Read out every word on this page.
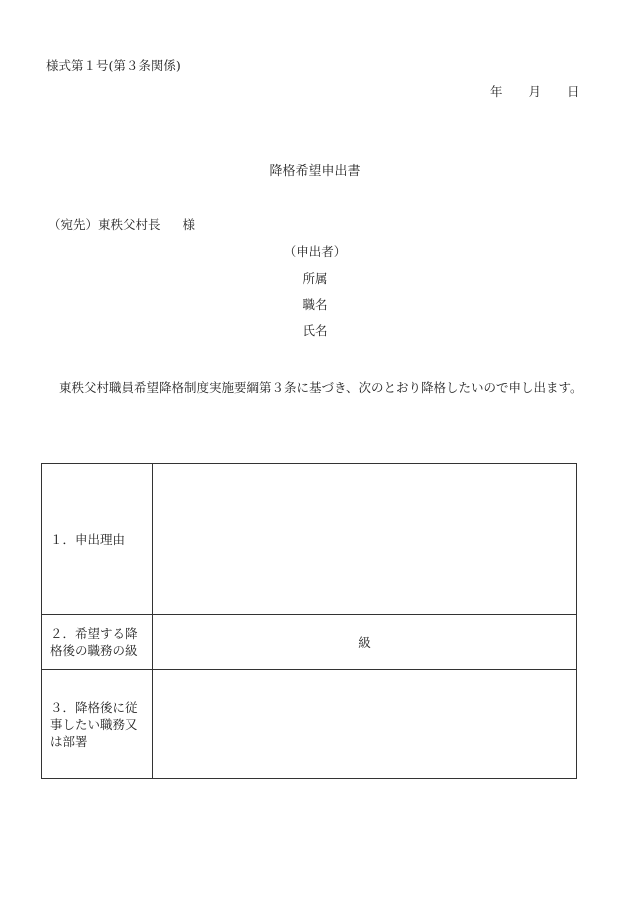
様式第１号(第３条関係)
年 月 日
降格希望申出書
（宛先）東秩父村長 様
（申出者）
所属
職名
氏名
東秩父村職員希望降格制度実施要綱第３条に基づき、次のとおり降格したいので申し出ます。
１．申出理由	
２．希望する降格後の職務の級	級
３．降格後に従事したい職務又は部署	
